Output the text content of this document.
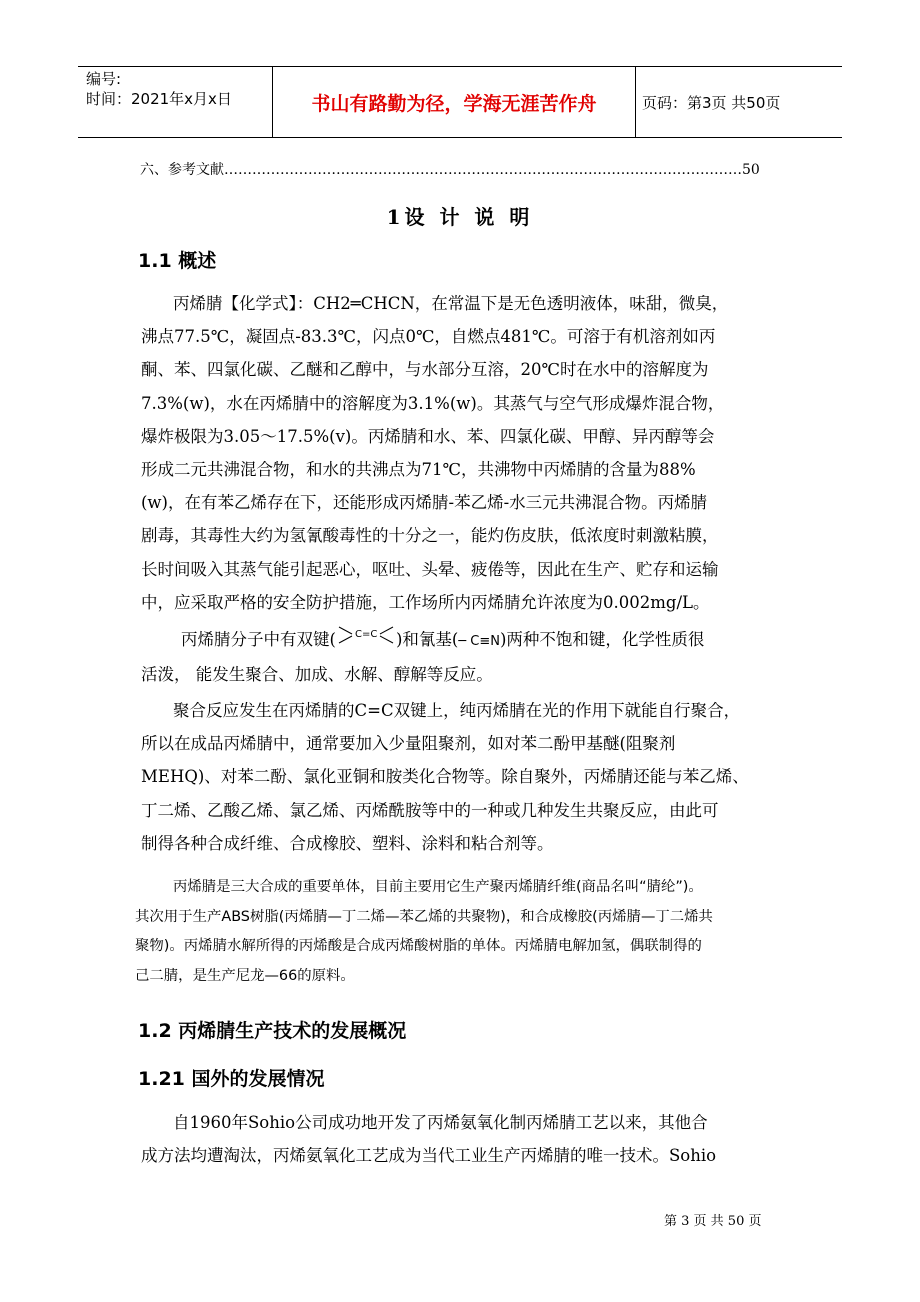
编号:
时间：2021年x月x日	书山有路勤为径，学海无涯苦作舟	页码：第3页 共50页
六、参考文献…………………………………………………………………………………………………50
1设 计 说 明
1.1 概述
丙烯腈【化学式】：CH2═CHCN，在常温下是无色透明液体，味甜，微臭，
沸点77.5℃，凝固点-83.3℃，闪点0℃，自燃点481℃。可溶于有机溶剂如丙
酮、苯、四氯化碳、乙醚和乙醇中，与水部分互溶，20℃时在水中的溶解度为
7.3%(w)，水在丙烯腈中的溶解度为3.1%(w)。其蒸气与空气形成爆炸混合物，
爆炸极限为3.05～17.5%(v)。丙烯腈和水、苯、四氯化碳、甲醇、异丙醇等会
形成二元共沸混合物，和水的共沸点为71℃，共沸物中丙烯腈的含量为88%
(w)，在有苯乙烯存在下，还能形成丙烯腈-苯乙烯-水三元共沸混合物。丙烯腈
剧毒，其毒性大约为氢氰酸毒性的十分之一，能灼伤皮肤，低浓度时刺激粘膜，
长时间吸入其蒸气能引起恶心，呕吐、头晕、疲倦等，因此在生产、贮存和运输
中，应采取严格的安全防护措施，工作场所内丙烯腈允许浓度为0.002mg/L。
丙烯腈分子中有双键( C=C )和氰基(─ C≡N)两种不饱和键，化学性质很
活泼， 能发生聚合、加成、水解、醇解等反应。
聚合反应发生在丙烯腈的C=C双键上，纯丙烯腈在光的作用下就能自行聚合，
所以在成品丙烯腈中，通常要加入少量阻聚剂，如对苯二酚甲基醚(阻聚剂
MEHQ)、对苯二酚、氯化亚铜和胺类化合物等。除自聚外，丙烯腈还能与苯乙烯、
丁二烯、乙酸乙烯、氯乙烯、丙烯酰胺等中的一种或几种发生共聚反应，由此可
制得各种合成纤维、合成橡胶、塑料、涂料和粘合剂等。
丙烯腈是三大合成的重要单体，目前主要用它生产聚丙烯腈纤维(商品名叫“腈纶”)。
其次用于生产ABS树脂(丙烯腈—丁二烯—苯乙烯的共聚物)，和合成橡胶(丙烯腈—丁二烯共
聚物)。丙烯腈水解所得的丙烯酸是合成丙烯酸树脂的单体。丙烯腈电解加氢，偶联制得的
己二腈，是生产尼龙—66的原料。
1.2 丙烯腈生产技术的发展概况
1.21 国外的发展情况
自1960年Sohio公司成功地开发了丙烯氨氧化制丙烯腈工艺以来，其他合
成方法均遭淘汰，丙烯氨氧化工艺成为当代工业生产丙烯腈的唯一技术。Sohio
第 3 页 共 50 页
